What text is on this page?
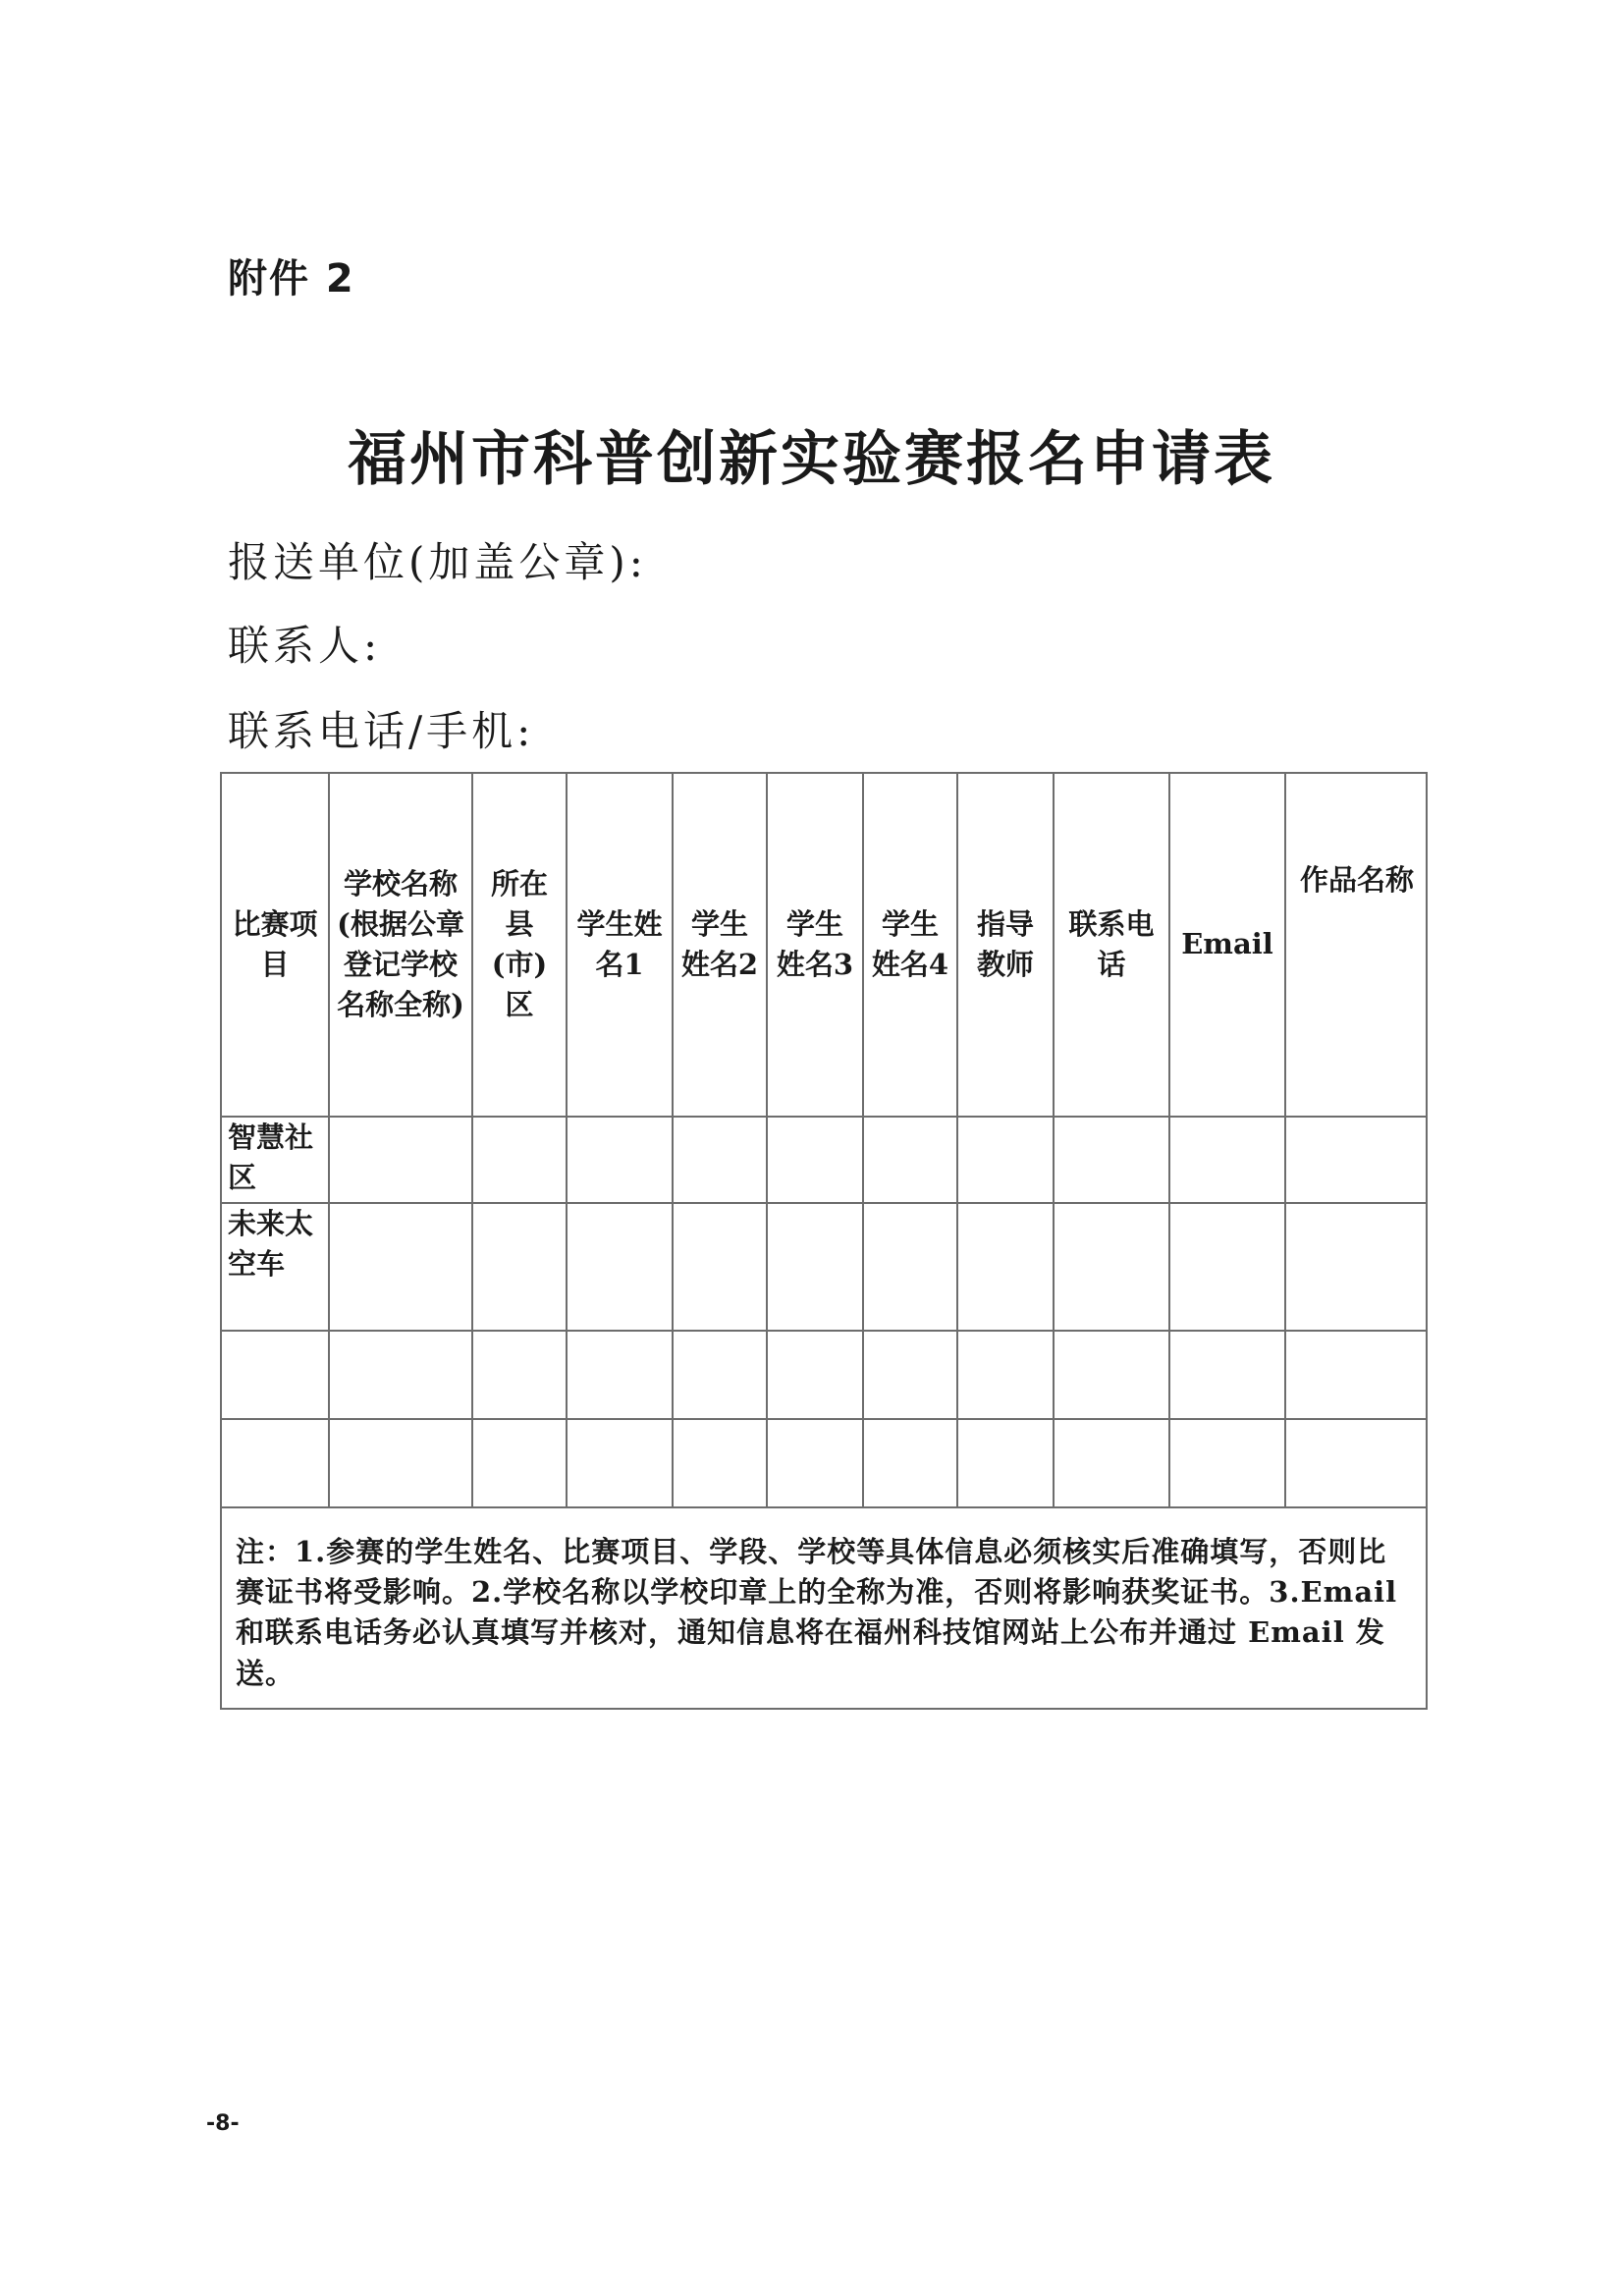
附件 2
福州市科普创新实验赛报名申请表
报送单位(加盖公章):
联系人:
联系电话/手机:
比赛项目	学校名称(根据公章登记学校名称全称)	所在县(市)区	学生姓名1	学生姓名2	学生姓名3	学生姓名4	指导教师	联系电话	Email	作品名称
智慧社区										
未来太空车										

注：1.参赛的学生姓名、比赛项目、学段、学校等具体信息必须核实后准确填写，否则比赛证书将受影响。2.学校名称以学校印章上的全称为准，否则将影响获奖证书。3.Email 和联系电话务必认真填写并核对，通知信息将在福州科技馆网站上公布并通过 Email 发送。										
-8-
